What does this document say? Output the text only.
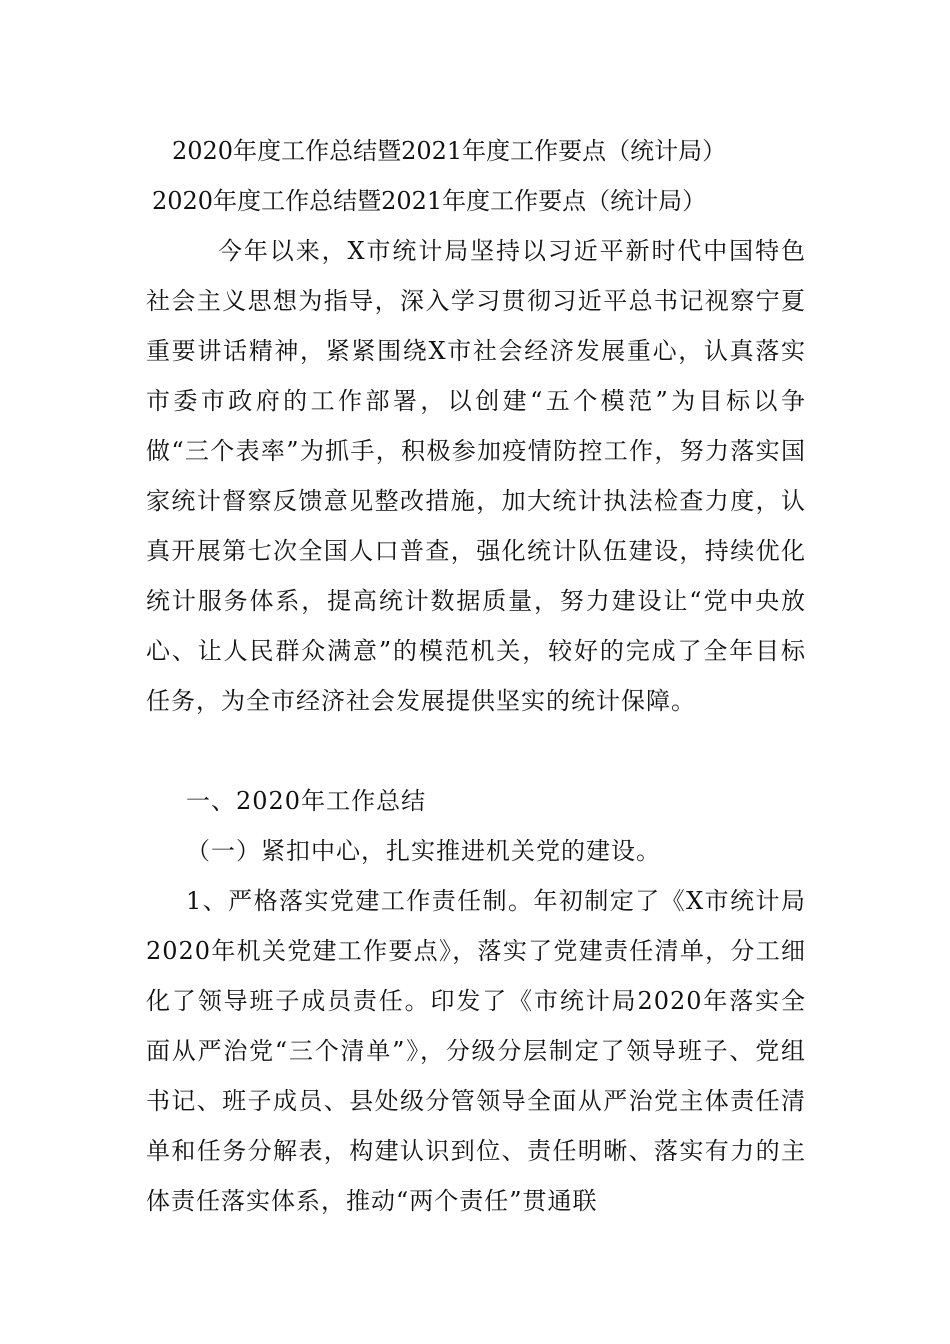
2020年度工作总结暨2021年度工作要点（统计局）
2020年度工作总结暨2021年度工作要点（统计局）
今年以来，X市统计局坚持以习近平新时代中国特色社会主义思想为指导，深入学习贯彻习近平总书记视察宁夏重要讲话精神，紧紧围绕X市社会经济发展重心，认真落实市委市政府的工作部署，以创建“五个模范”为目标以争做“三个表率”为抓手，积极参加疫情防控工作，努力落实国家统计督察反馈意见整改措施，加大统计执法检查力度，认真开展第七次全国人口普查，强化统计队伍建设，持续优化统计服务体系，提高统计数据质量，努力建设让“党中央放心、让人民群众满意”的模范机关，较好的完成了全年目标任务，为全市经济社会发展提供坚实的统计保障。
一、2020年工作总结
（一）紧扣中心，扎实推进机关党的建设。
1、严格落实党建工作责任制。年初制定了《X市统计局2020年机关党建工作要点》，落实了党建责任清单，分工细化了领导班子成员责任。印发了《市统计局2020年落实全面从严治党“三个清单”》，分级分层制定了领导班子、党组书记、班子成员、县处级分管领导全面从严治党主体责任清单和任务分解表，构建认识到位、责任明晰、落实有力的主体责任落实体系，推动“两个责任”贯通联
